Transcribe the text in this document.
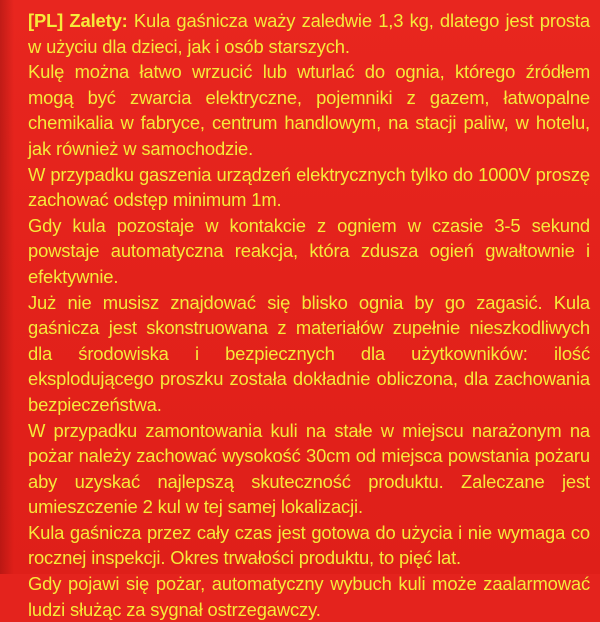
[PL] Zalety: Kula gaśnicza waży zaledwie 1,3 kg, dlatego jest prosta w użyciu dla dzieci, jak i osób starszych.

Kulę można łatwo wrzucić lub wturlać do ognia, którego źródłem mogą być zwarcia elektryczne, pojemniki z gazem, łatwopalne chemikalia w fabryce, centrum handlowym, na stacji paliw, w hotelu, jak również w samochodzie.

W przypadku gaszenia urządzeń elektrycznych tylko do 1000V proszę zachować odstęp minimum 1m.

Gdy kula pozostaje w kontakcie z ogniem w czasie 3-5 sekund powstaje automatyczna reakcja, która zdusza ogień gwałtownie i efektywnie.

Już nie musisz znajdować się blisko ognia by go zagasić. Kula gaśnicza jest skonstruowana z materiałów zupełnie nieszkodliwych dla środowiska i bezpiecznych dla użytkowników: ilość eksplodującego proszku została dokładnie obliczona, dla zachowania bezpieczeństwa.

W przypadku zamontowania kuli na stałe w miejscu narażonym na pożar należy zachować wysokość 30cm od miejsca powstania pożaru aby uzyskać najlepszą skuteczność produktu. Zaleczane jest umieszczenie 2 kul w tej samej lokalizacji.

Kula gaśnicza przez cały czas jest gotowa do użycia i nie wymaga co rocznej inspekcji. Okres trwałości produktu, to pięć lat.

Gdy pojawi się pożar, automatyczny wybuch kuli może zaalarmować ludzi służąc za sygnał ostrzegawczy.
